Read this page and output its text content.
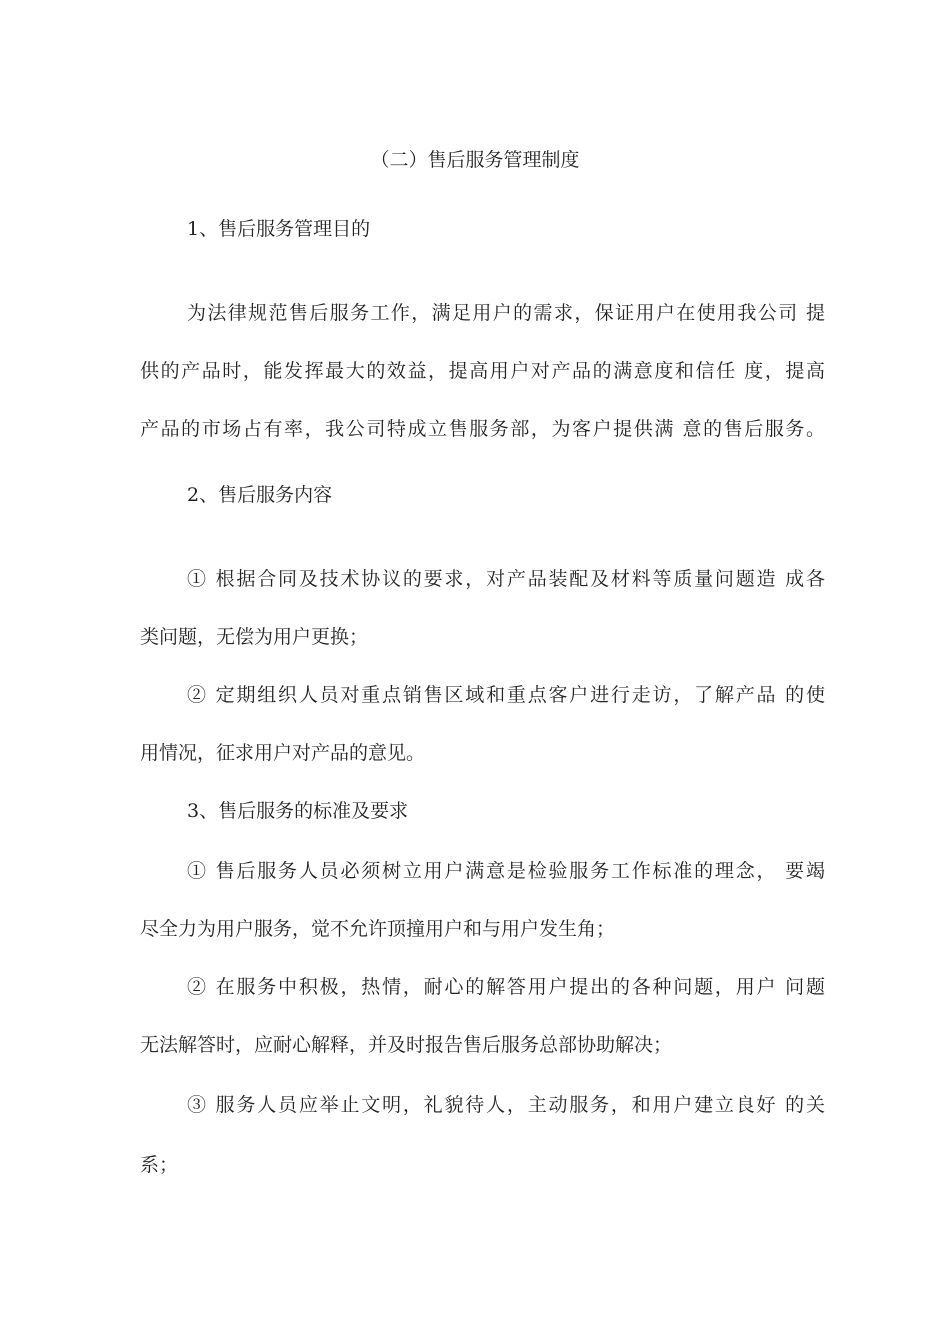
（二）售后服务管理制度
1、售后服务管理目的
为法律规范售后服务工作，满足用户的需求，保证用户在使用我公司 提
供的产品时，能发挥最大的效益，提高用户对产品的满意度和信任 度，提高
产品的市场占有率，我公司特成立售服务部，为客户提供满 意的售后服务。
2、售后服务内容
① 根据合同及技术协议的要求，对产品装配及材料等质量问题造 成各
类问题，无偿为用户更换；
② 定期组织人员对重点销售区域和重点客户进行走访，了解产品 的使
用情况，征求用户对产品的意见。
3、售后服务的标准及要求
① 售后服务人员必须树立用户满意是检验服务工作标准的理念， 要竭
尽全力为用户服务，觉不允许顶撞用户和与用户发生角；
② 在服务中积极，热情，耐心的解答用户提出的各种问题，用户 问题
无法解答时，应耐心解释，并及时报告售后服务总部协助解决；
③ 服务人员应举止文明，礼貌待人，主动服务，和用户建立良好 的关
系；
